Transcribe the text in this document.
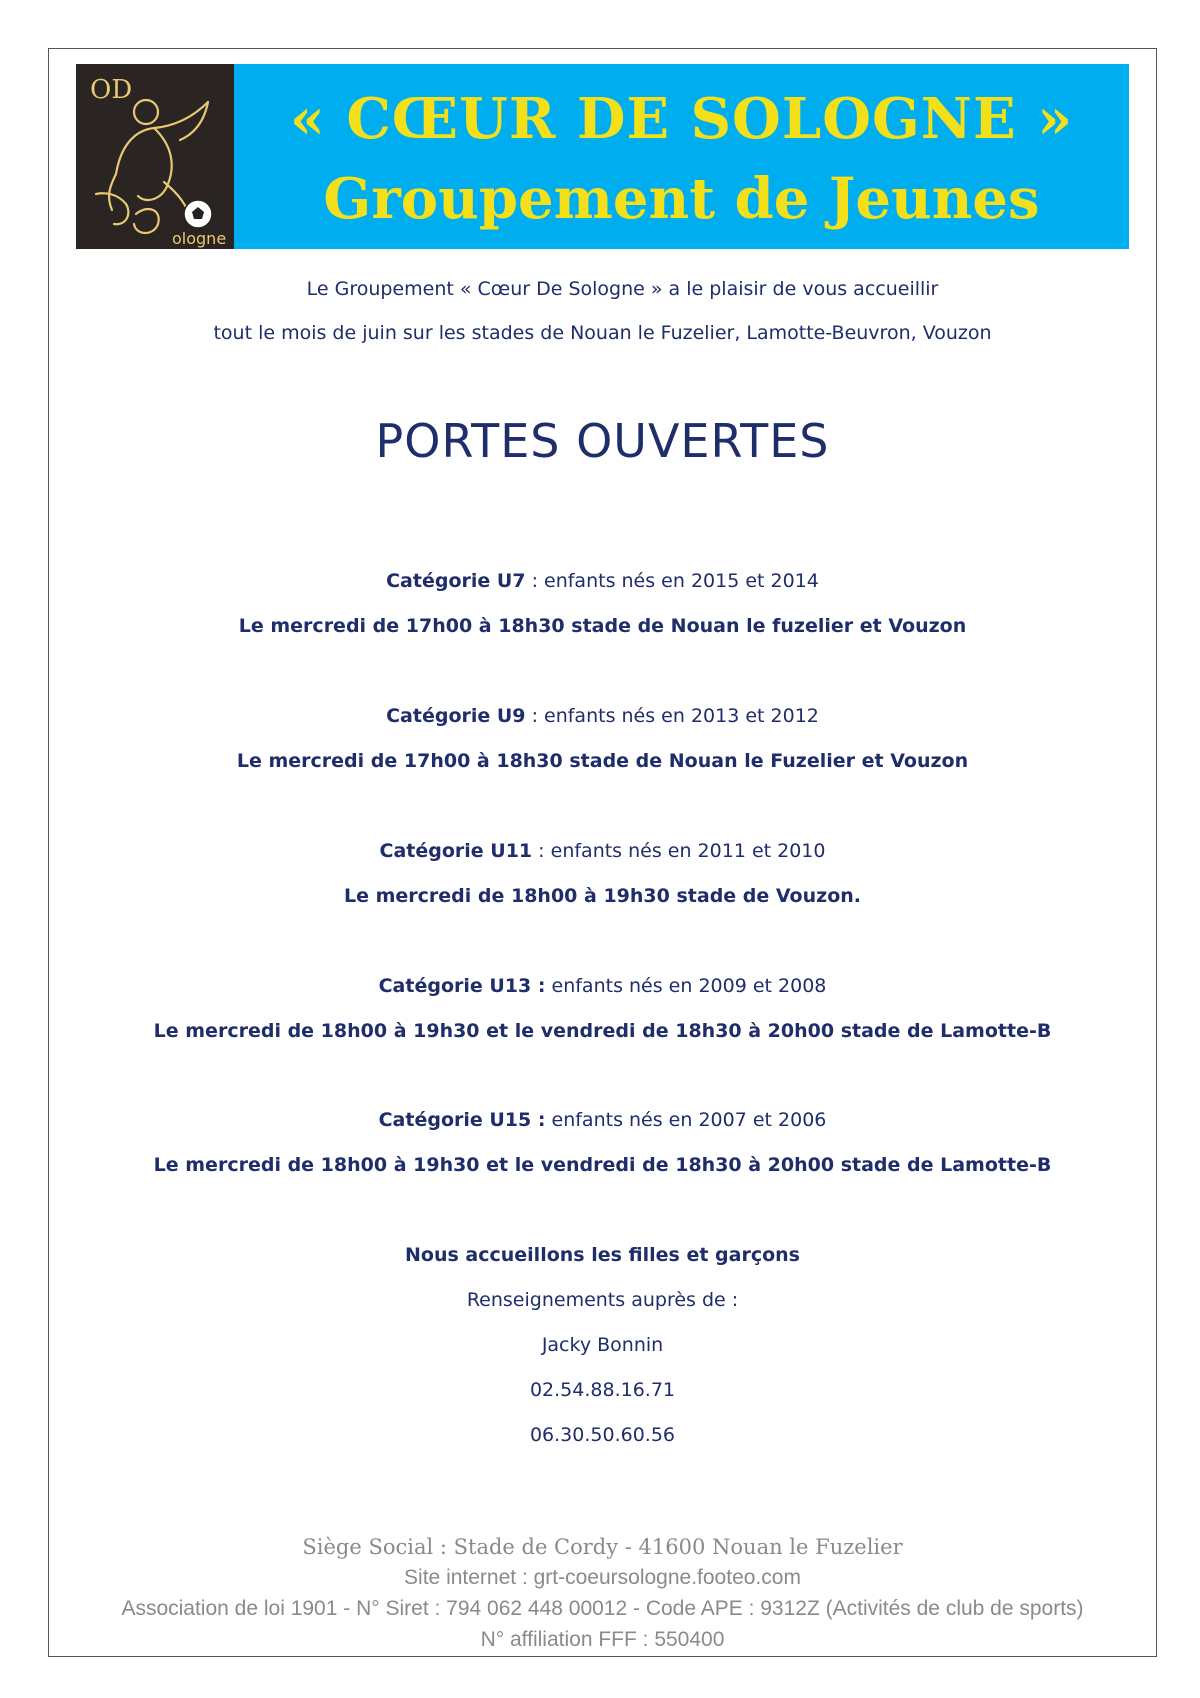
OD
ologne
« CŒUR DE SOLOGNE »
Groupement de Jeunes
Le Groupement « Cœur De Sologne » a le plaisir de vous accueillir
tout le mois de juin sur les stades de Nouan le Fuzelier, Lamotte-Beuvron, Vouzon
PORTES OUVERTES
Catégorie U7 : enfants nés en 2015 et 2014
Le mercredi de 17h00 à 18h30 stade de Nouan le fuzelier et Vouzon
Catégorie U9 : enfants nés en 2013 et 2012
Le mercredi de 17h00 à 18h30 stade de Nouan le Fuzelier et Vouzon
Catégorie U11 : enfants nés en 2011 et 2010
Le mercredi de 18h00 à 19h30 stade de Vouzon.
Catégorie U13 : enfants nés en 2009 et 2008
Le mercredi de 18h00 à 19h30 et le vendredi de 18h30 à 20h00 stade de Lamotte-B
Catégorie U15 : enfants nés en 2007 et 2006
Le mercredi de 18h00 à 19h30 et le vendredi de 18h30 à 20h00 stade de Lamotte-B
Nous accueillons les filles et garçons
Renseignements auprès de :
Jacky Bonnin
02.54.88.16.71
06.30.50.60.56
Siège Social : Stade de Cordy - 41600 Nouan le Fuzelier
Site internet : grt-coeursologne.footeo.com
Association de loi 1901 - N° Siret : 794 062 448 00012 - Code APE : 9312Z (Activités de club de sports)
N° affiliation FFF : 550400
